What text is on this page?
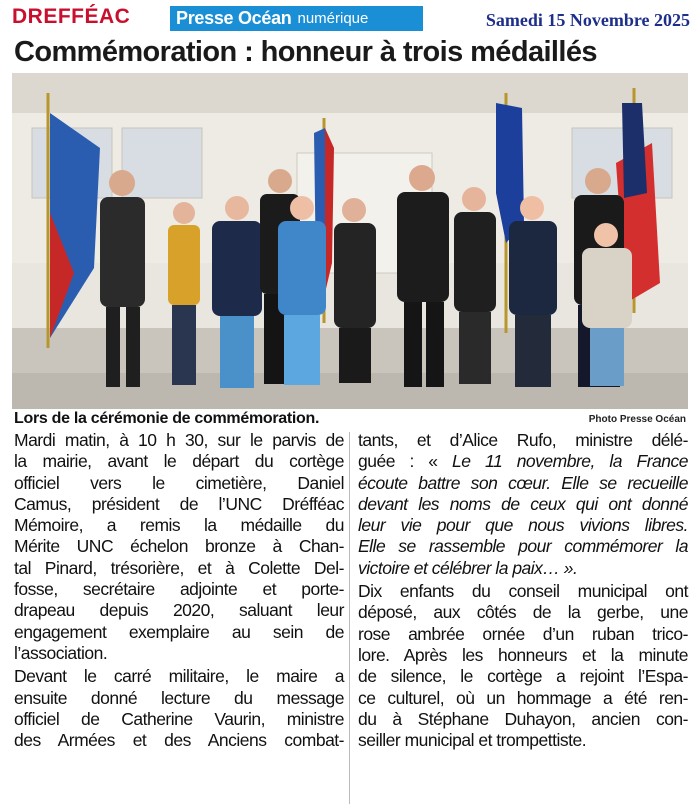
DREFFÉAC	Presse Océan numérique	Samedi 15 Novembre 2025
Commémoration : honneur à trois médaillés
Lors de la cérémonie de commémoration.	Photo Presse Océan

Mardi matin, à 10 h 30, sur le parvis de
la mairie, avant le départ du cortège
officiel vers le cimetière, Daniel
Camus, président de l’UNC Dréfféac
Mémoire, a remis la médaille du
Mérite UNC échelon bronze à Chan-
tal Pinard, trésorière, et à Colette Del-
fosse, secrétaire adjointe et porte-
drapeau depuis 2020, saluant leur
engagement exemplaire au sein de
l’association.

Devant le carré militaire, le maire a
ensuite donné lecture du message
officiel de Catherine Vaurin, ministre
des Armées et des Anciens combat-

tants, et d’Alice Rufo, ministre délé-
guée : « Le 11 novembre, la France
écoute battre son cœur. Elle se recueille
devant les noms de ceux qui ont donné
leur vie pour que nous vivions libres.
Elle se rassemble pour commémorer la
victoire et célébrer la paix… ».

Dix enfants du conseil municipal ont
déposé, aux côtés de la gerbe, une
rose ambrée ornée d’un ruban trico-
lore. Après les honneurs et la minute
de silence, le cortège a rejoint l’Espa-
ce culturel, où un hommage a été ren-
du à Stéphane Duhayon, ancien con-
seiller municipal et trompettiste.
